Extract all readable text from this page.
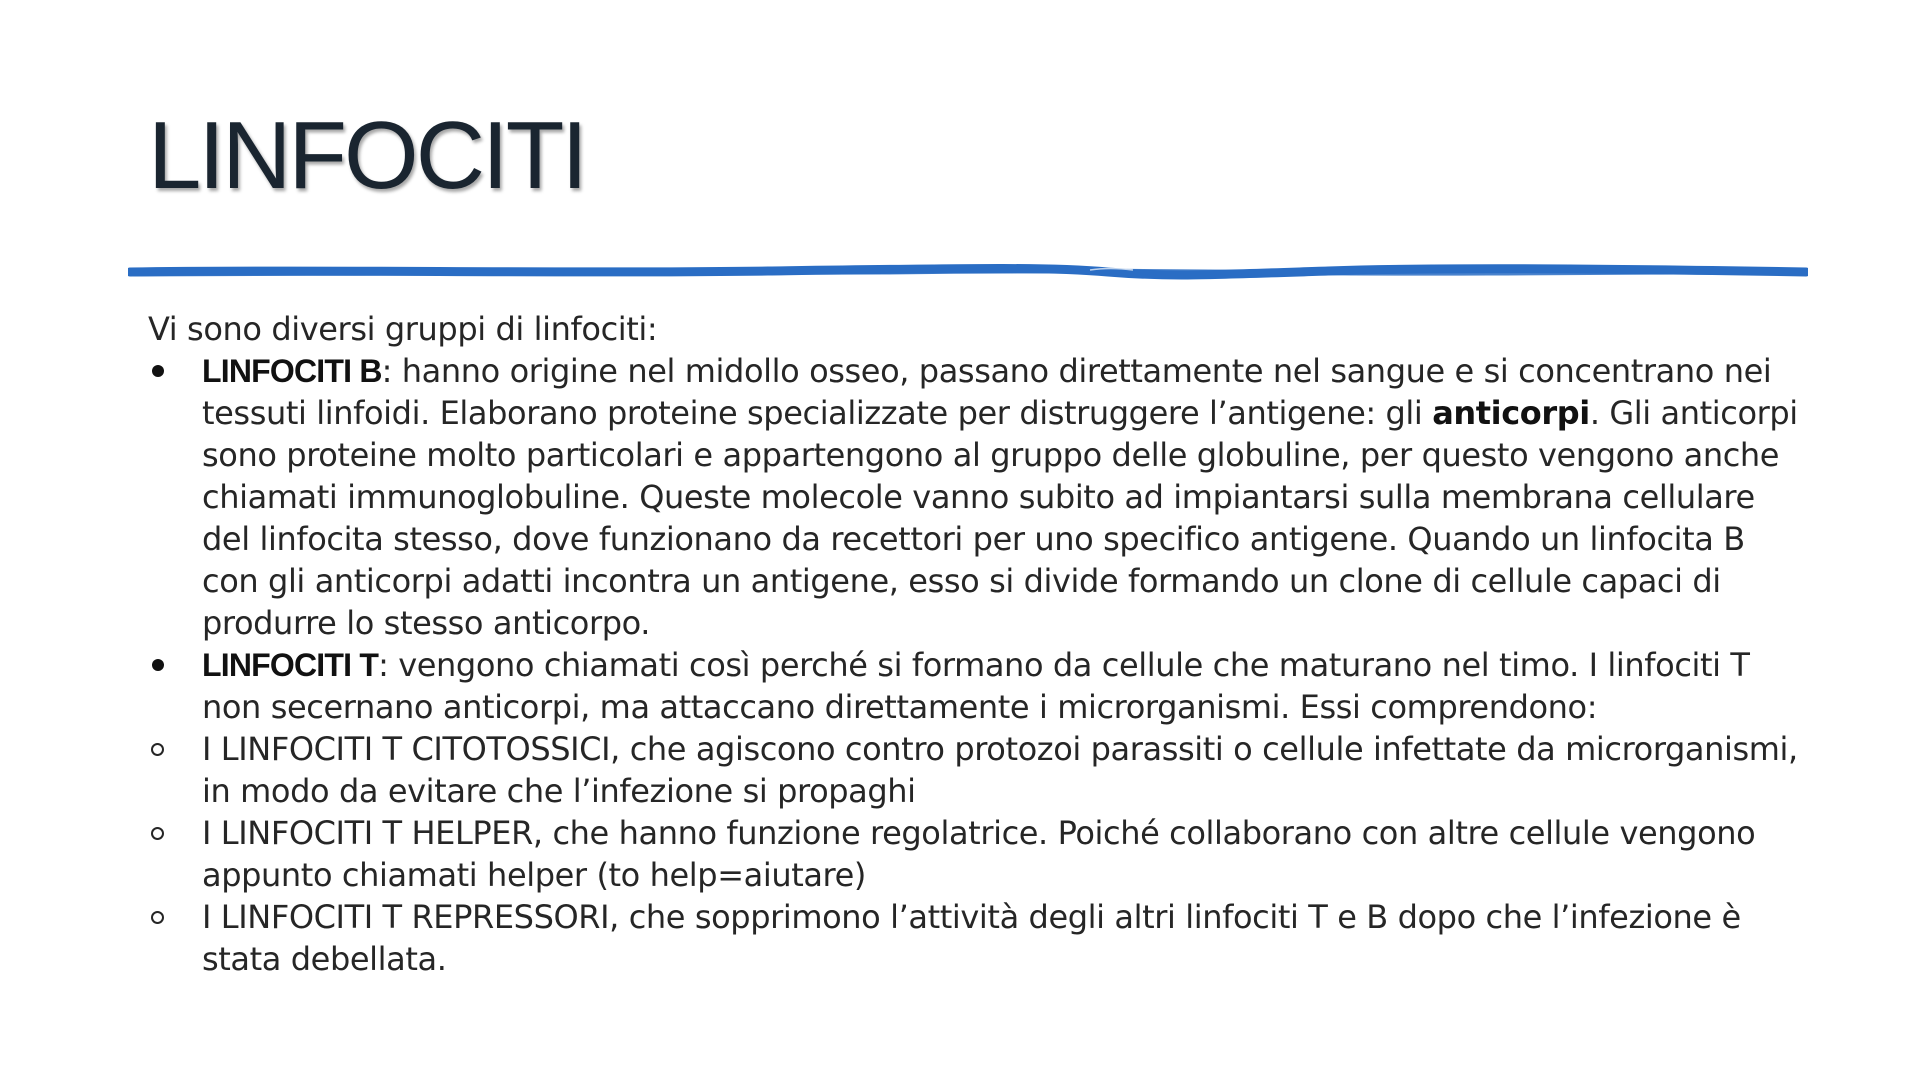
LINFOCITI

Vi sono diversi gruppi di linfociti:

LINFOCITI B: hanno origine nel midollo osseo, passano direttamente nel sangue e si concentrano nei tessuti linfoidi. Elaborano proteine specializzate per distruggere l’antigene: gli anticorpi. Gli anticorpi sono proteine molto particolari e appartengono al gruppo delle globuline, per questo vengono anche chiamati immunoglobuline. Queste molecole vanno subito ad impiantarsi sulla membrana cellulare del linfocita stesso, dove funzionano da recettori per uno specifico antigene. Quando un linfocita B con gli anticorpi adatti incontra un antigene, esso si divide formando un clone di cellule capaci di produrre lo stesso anticorpo.
LINFOCITI T: vengono chiamati così perché si formano da cellule che maturano nel timo. I linfociti T non secernano anticorpi, ma attaccano direttamente i microrganismi. Essi comprendono:
I LINFOCITI T CITOTOSSICI, che agiscono contro protozoi parassiti o cellule infettate da microrganismi, in modo da evitare che l’infezione si propaghi
I LINFOCITI T HELPER, che hanno funzione regolatrice. Poiché collaborano con altre cellule vengono appunto chiamati helper (to help=aiutare)
I LINFOCITI T REPRESSORI, che sopprimono l’attività degli altri linfociti T e B dopo che l’infezione è stata debellata.
